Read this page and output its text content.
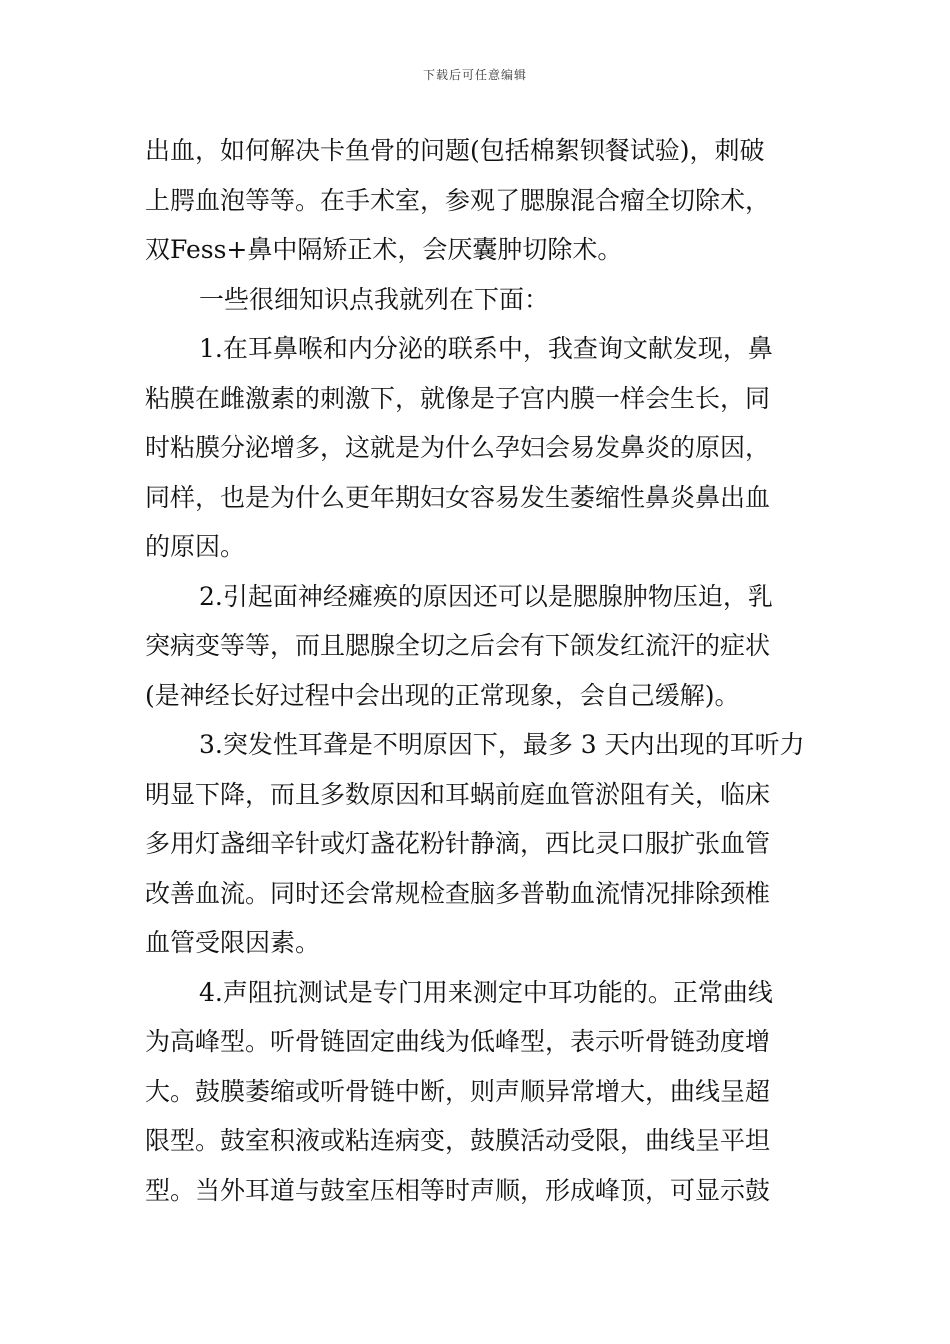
下载后可任意编辑
出血，如何解决卡鱼骨的问题(包括棉絮钡餐试验)，刺破
上腭血泡等等。在手术室，参观了腮腺混合瘤全切除术，
双Fess+鼻中隔矫正术，会厌囊肿切除术。
一些很细知识点我就列在下面：
1.在耳鼻喉和内分泌的联系中，我查询文献发现，鼻
粘膜在雌激素的刺激下，就像是子宫内膜一样会生长，同
时粘膜分泌增多，这就是为什么孕妇会易发鼻炎的原因，
同样，也是为什么更年期妇女容易发生萎缩性鼻炎鼻出血
的原因。
2.引起面神经瘫痪的原因还可以是腮腺肿物压迫，乳
突病变等等，而且腮腺全切之后会有下颌发红流汗的症状
(是神经长好过程中会出现的正常现象，会自己缓解)。
3.突发性耳聋是不明原因下，最多 3 天内出现的耳听力
明显下降，而且多数原因和耳蜗前庭血管淤阻有关，临床
多用灯盏细辛针或灯盏花粉针静滴，西比灵口服扩张血管
改善血流。同时还会常规检查脑多普勒血流情况排除颈椎
血管受限因素。
4.声阻抗测试是专门用来测定中耳功能的。正常曲线
为高峰型。听骨链固定曲线为低峰型，表示听骨链劲度增
大。鼓膜萎缩或听骨链中断，则声顺异常增大，曲线呈超
限型。鼓室积液或粘连病变，鼓膜活动受限，曲线呈平坦
型。当外耳道与鼓室压相等时声顺，形成峰顶，可显示鼓
